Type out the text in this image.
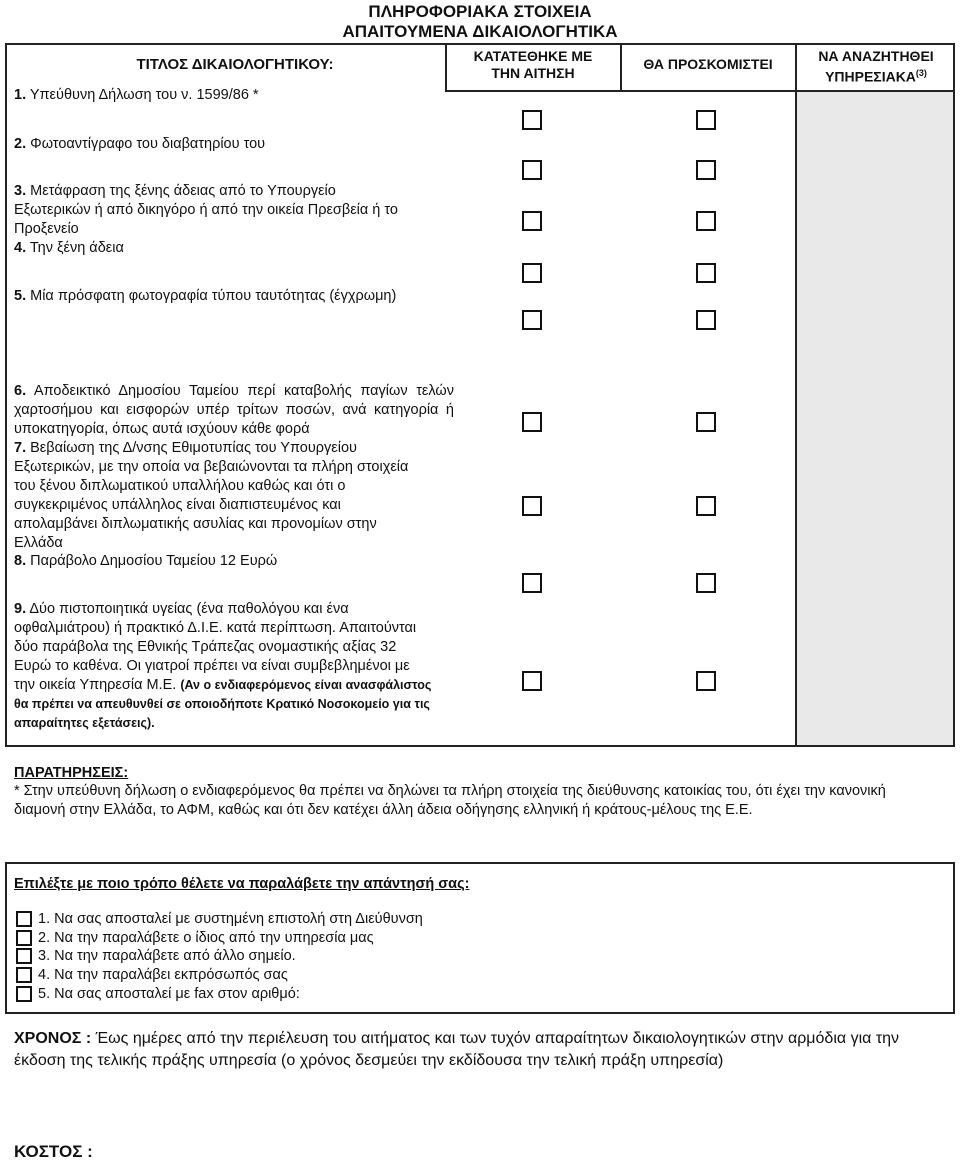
ΠΛΗΡΟΦΟΡΙΑΚΑ ΣΤΟΙΧΕΙΑ
ΑΠΑΙΤΟΥΜΕΝΑ ΔΙΚΑΙΟΛΟΓΗΤΙΚΑ
ΤΙΤΛΟΣ ΔΙΚΑΙΟΛΟΓΗΤΙΚΟΥ:	ΚΑΤΑΤΕΘΗΚΕ ΜΕ
ΤΗΝ ΑΙΤΗΣΗ
ΘΑ ΠΡΟΣΚΟΜΙΣΤΕΙ	ΝΑ ΑΝΑΖΗΤΗΘΕΙ
ΥΠΗΡΕΣΙΑΚΑ$^{(3)}$
1. Υπεύθυνη Δήλωση του ν. 1599/86 *
2. Φωτοαντίγραφο του διαβατηρίου του
3. Μετάφραση της ξένης άδειας από το Υπουργείο Εξωτερικών ή από δικηγόρο ή από την οικεία Πρεσβεία ή το Προξενείο
4. Την ξένη άδεια
5. Μία πρόσφατη φωτογραφία τύπου ταυτότητας (έγχρωμη)
6. Αποδεικτικό Δημοσίου Ταμείου περί καταβολής παγίων τελών χαρτοσήμου και εισφορών υπέρ τρίτων ποσών, ανά κατηγορία ή υποκατηγορία, όπως αυτά ισχύουν κάθε φορά
7. Βεβαίωση της Δ/νσης Εθιμοτυπίας του Υπουργείου Εξωτερικών, με την οποία να βεβαιώνονται τα πλήρη στοιχεία του ξένου διπλωματικού υπαλλήλου καθώς και ότι ο συγκεκριμένος υπάλληλος είναι διαπιστευμένος και απολαμβάνει διπλωματικής ασυλίας και προνομίων στην Ελλάδα
8. Παράβολο Δημοσίου Ταμείου 12 Ευρώ
9. Δύο πιστοποιητικά υγείας (ένα παθολόγου και ένα οφθαλμιάτρου) ή πρακτικό Δ.Ι.Ε. κατά περίπτωση. Απαιτούνται δύο παράβολα της Εθνικής Τράπεζας ονομαστικής αξίας 32 Ευρώ το καθένα. Οι γιατροί πρέπει να είναι συμβεβλημένοι με την οικεία Υπηρεσία Μ.Ε. (Αν ο ενδιαφερόμενος είναι ανασφάλιστος θα πρέπει να απευθυνθεί σε οποιοδήποτε Κρατικό Νοσοκομείο για τις απαραίτητες εξετάσεις).
ΠΑΡΑΤΗΡΗΣΕΙΣ:
* Στην υπεύθυνη δήλωση ο ενδιαφερόμενος θα πρέπει να δηλώνει τα πλήρη στοιχεία της διεύθυνσης κατοικίας του, ότι έχει την κανονική διαμονή στην Ελλάδα, το ΑΦΜ, καθώς και ότι δεν κατέχει άλλη άδεια οδήγησης ελληνική ή κράτους-μέλους της Ε.Ε.
Επιλέξτε με ποιο τρόπο θέλετε να παραλάβετε την απάντησή σας:
1. Να σας αποσταλεί με συστημένη επιστολή στη Διεύθυνση
2. Να την παραλάβετε ο ίδιος από την υπηρεσία μας
3. Να την παραλάβετε από άλλο σημείο.
4. Να την παραλάβει εκπρόσωπός σας
5. Να σας αποσταλεί με fax στον αριθμό:
ΧΡΟΝΟΣ : Έως ημέρες από την περιέλευση του αιτήματος και των τυχόν απαραίτητων δικαιολογητικών στην αρμόδια για την έκδοση της τελικής πράξης υπηρεσία (ο χρόνος δεσμεύει την εκδίδουσα την τελική πράξη υπηρεσία)
ΚΟΣΤΟΣ :
